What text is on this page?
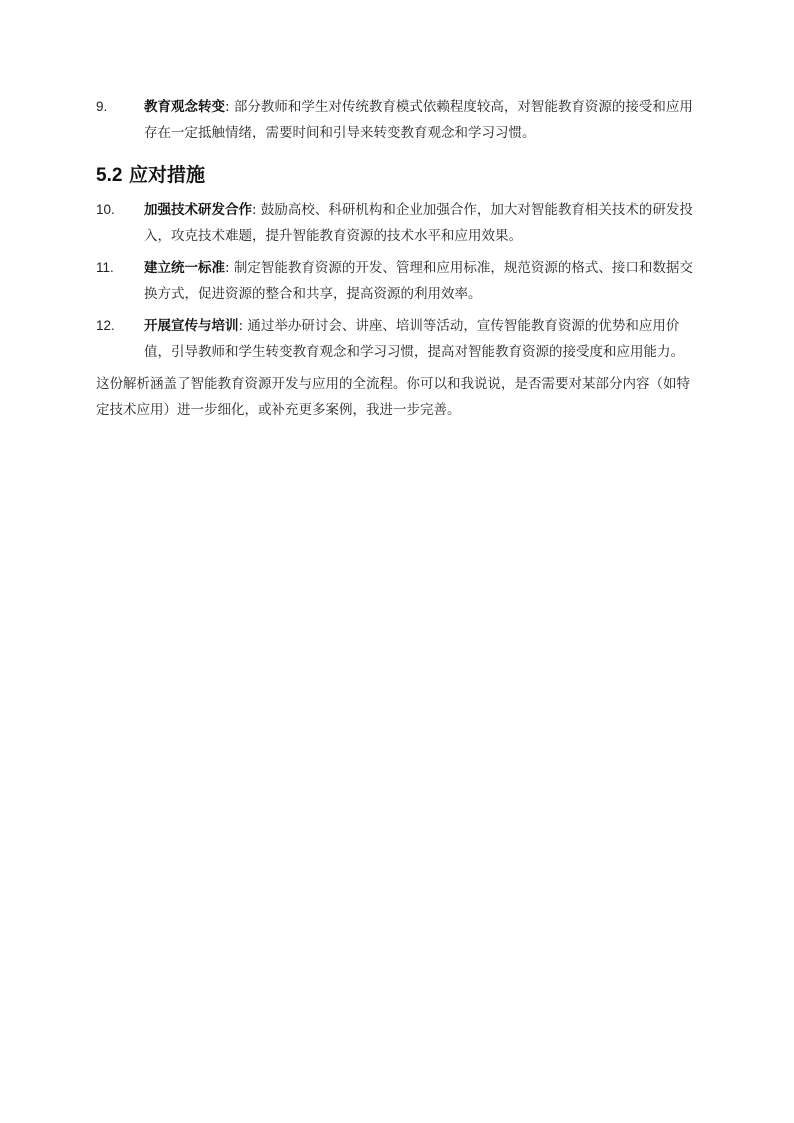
9.	教育观念转变: 部分教师和学生对传统教育模式依赖程度较高，对智能教育资源的接受和应用存在一定抵触情绪，需要时间和引导来转变教育观念和学习习惯。
5.2 应对措施
10.	加强技术研发合作: 鼓励高校、科研机构和企业加强合作，加大对智能教育相关技术的研发投入，攻克技术难题，提升智能教育资源的技术水平和应用效果。
11.	建立统一标准: 制定智能教育资源的开发、管理和应用标准，规范资源的格式、接口和数据交换方式，促进资源的整合和共享，提高资源的利用效率。
12.	开展宣传与培训: 通过举办研讨会、讲座、培训等活动，宣传智能教育资源的优势和应用价值，引导教师和学生转变教育观念和学习习惯，提高对智能教育资源的接受度和应用能力。

这份解析涵盖了智能教育资源开发与应用的全流程。你可以和我说说，是否需要对某部分内容（如特定技术应用）进一步细化，或补充更多案例，我进一步完善。
